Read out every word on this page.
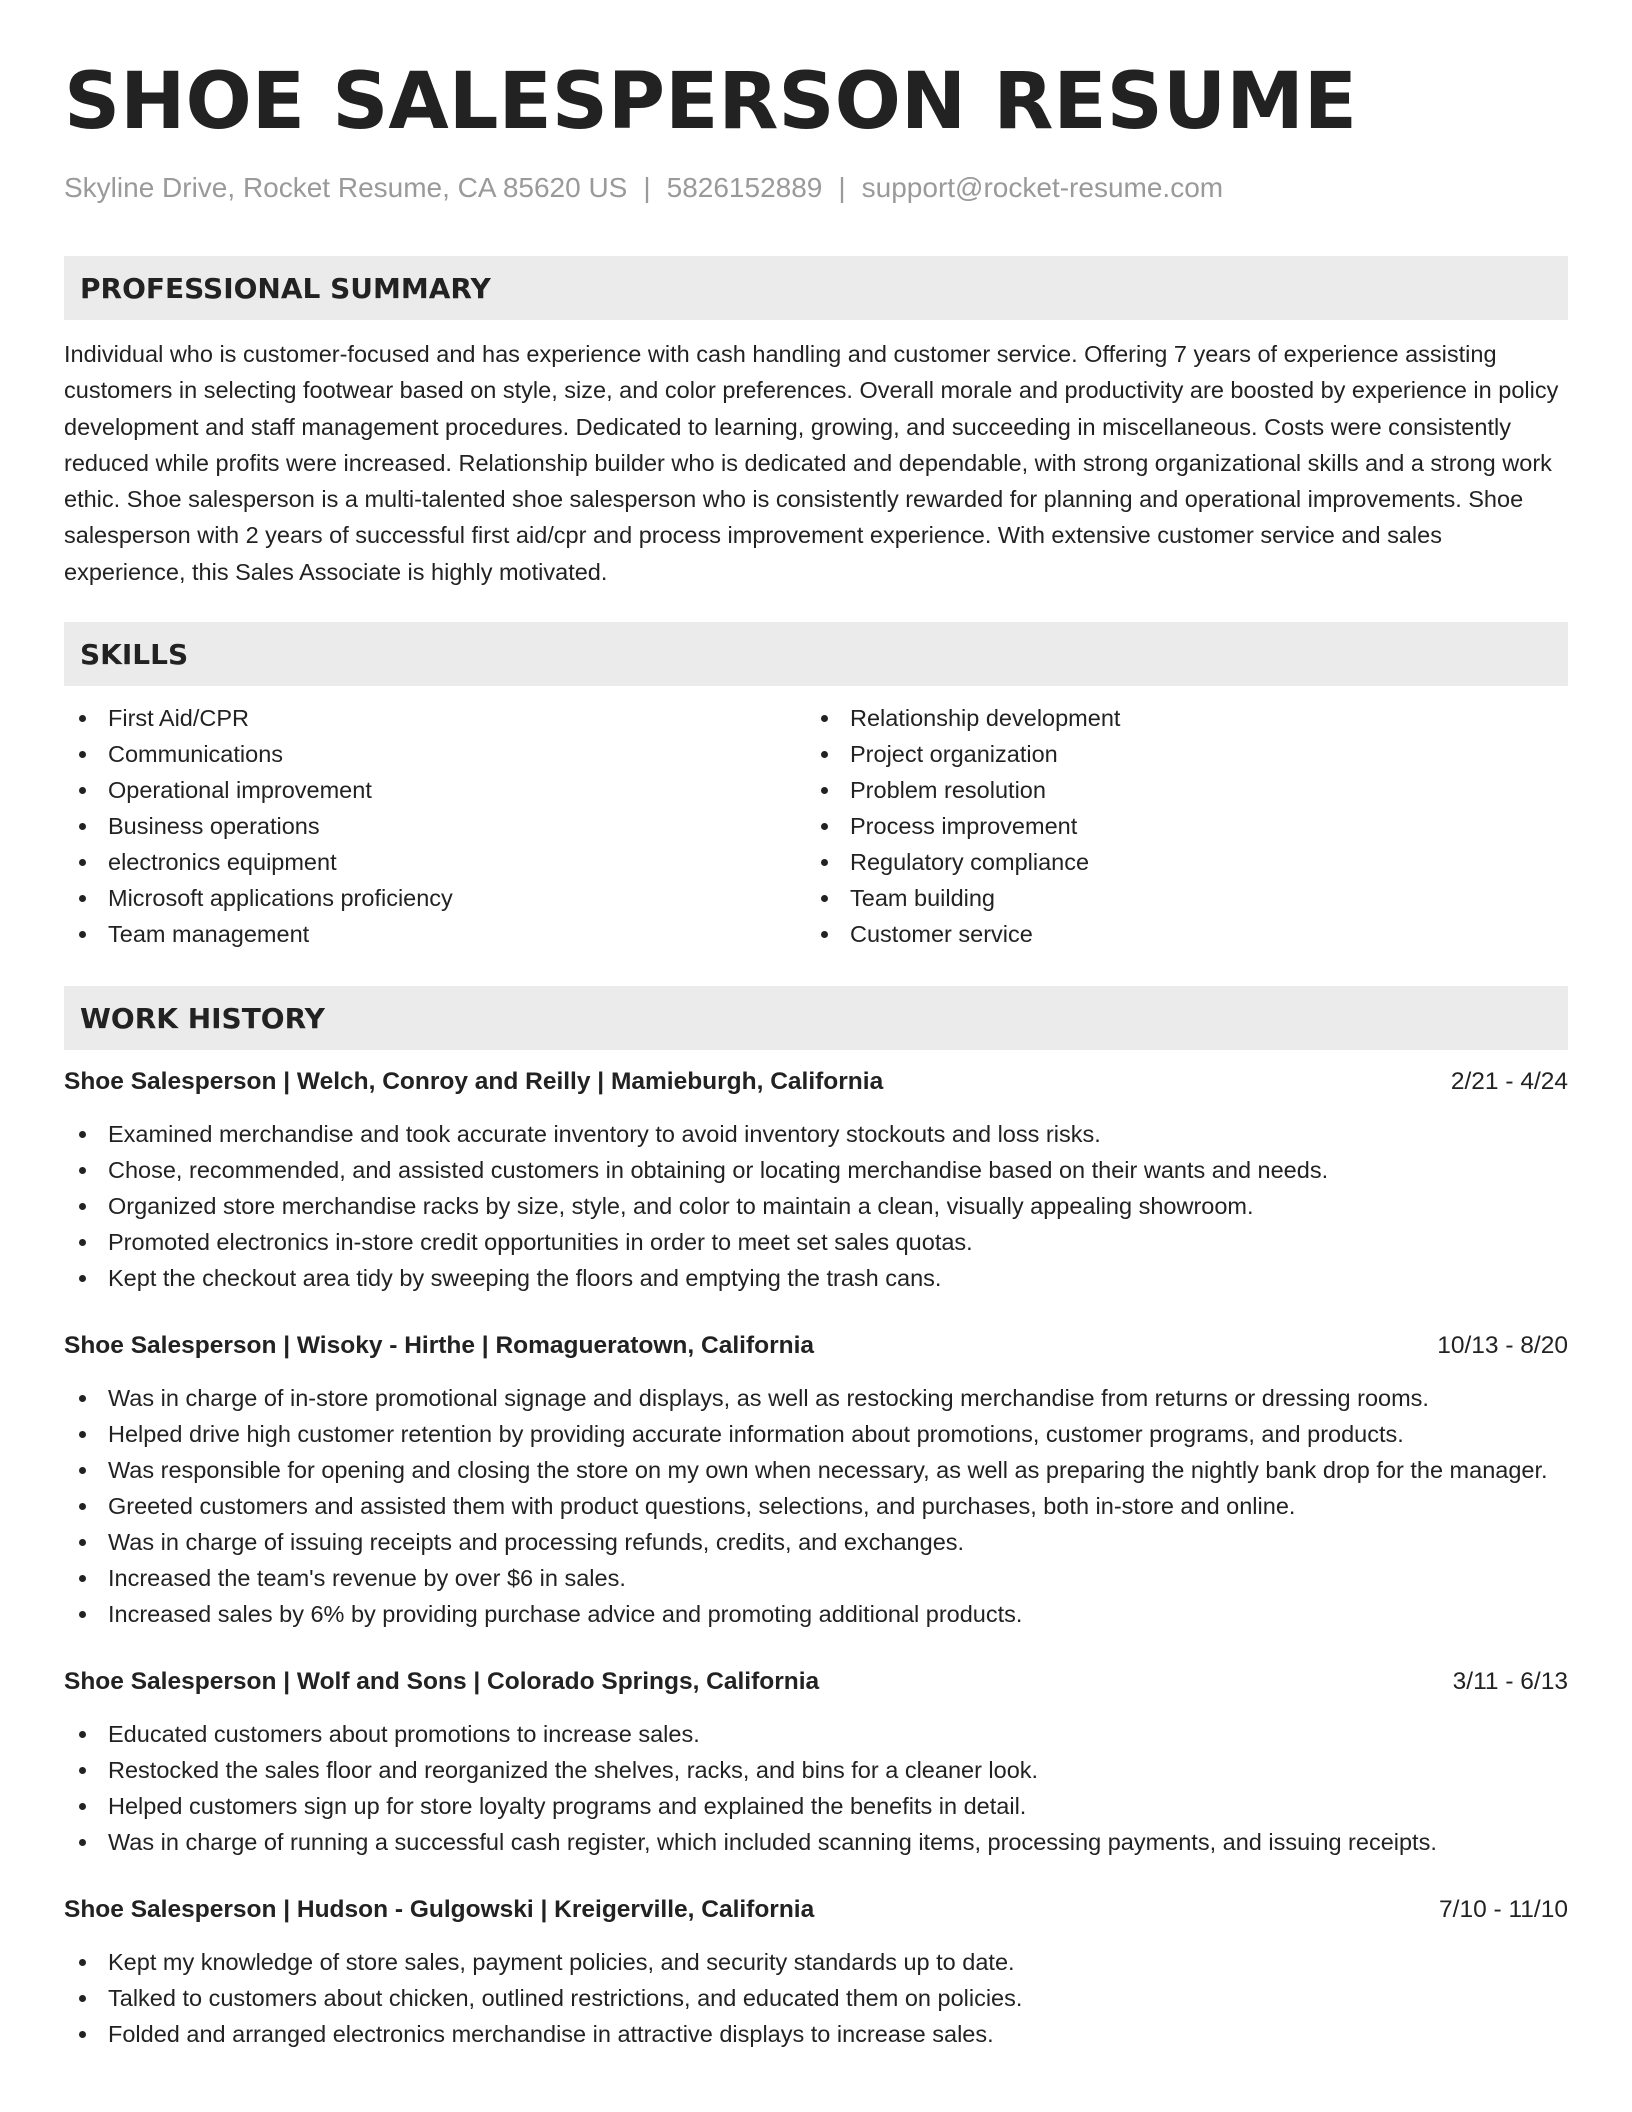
SHOE SALESPERSON RESUME
Skyline Drive, Rocket Resume, CA 85620 US | 5826152889 | support@rocket-resume.com
PROFESSIONAL SUMMARY

Individual who is customer-focused and has experience with cash handling and customer service. Offering 7 years of experience assisting customers in selecting footwear based on style, size, and color preferences. Overall morale and productivity are boosted by experience in policy development and staff management procedures. Dedicated to learning, growing, and succeeding in miscellaneous. Costs were consistently reduced while profits were increased. Relationship builder who is dedicated and dependable, with strong organizational skills and a strong work ethic. Shoe salesperson is a multi-talented shoe salesperson who is consistently rewarded for planning and operational improvements. Shoe salesperson with 2 years of successful first aid/cpr and process improvement experience. With extensive customer service and sales experience, this Sales Associate is highly motivated.

SKILLS
First Aid/CPR
Communications
Operational improvement
Business operations
electronics equipment
Microsoft applications proficiency
Team management
Relationship development
Project organization
Problem resolution
Process improvement
Regulatory compliance
Team building
Customer service
WORK HISTORY
Shoe Salesperson | Welch, Conroy and Reilly | Mamieburgh, California	2/21 - 4/24
Examined merchandise and took accurate inventory to avoid inventory stockouts and loss risks.
Chose, recommended, and assisted customers in obtaining or locating merchandise based on their wants and needs.
Organized store merchandise racks by size, style, and color to maintain a clean, visually appealing showroom.
Promoted electronics in-store credit opportunities in order to meet set sales quotas.
Kept the checkout area tidy by sweeping the floors and emptying the trash cans.
Shoe Salesperson | Wisoky - Hirthe | Romagueratown, California	10/13 - 8/20
Was in charge of in-store promotional signage and displays, as well as restocking merchandise from returns or dressing rooms.
Helped drive high customer retention by providing accurate information about promotions, customer programs, and products.
Was responsible for opening and closing the store on my own when necessary, as well as preparing the nightly bank drop for the manager.
Greeted customers and assisted them with product questions, selections, and purchases, both in-store and online.
Was in charge of issuing receipts and processing refunds, credits, and exchanges.
Increased the team's revenue by over $6 in sales.
Increased sales by 6% by providing purchase advice and promoting additional products.
Shoe Salesperson | Wolf and Sons | Colorado Springs, California	3/11 - 6/13
Educated customers about promotions to increase sales.
Restocked the sales floor and reorganized the shelves, racks, and bins for a cleaner look.
Helped customers sign up for store loyalty programs and explained the benefits in detail.
Was in charge of running a successful cash register, which included scanning items, processing payments, and issuing receipts.
Shoe Salesperson | Hudson - Gulgowski | Kreigerville, California	7/10 - 11/10
Kept my knowledge of store sales, payment policies, and security standards up to date.
Talked to customers about chicken, outlined restrictions, and educated them on policies.
Folded and arranged electronics merchandise in attractive displays to increase sales.
